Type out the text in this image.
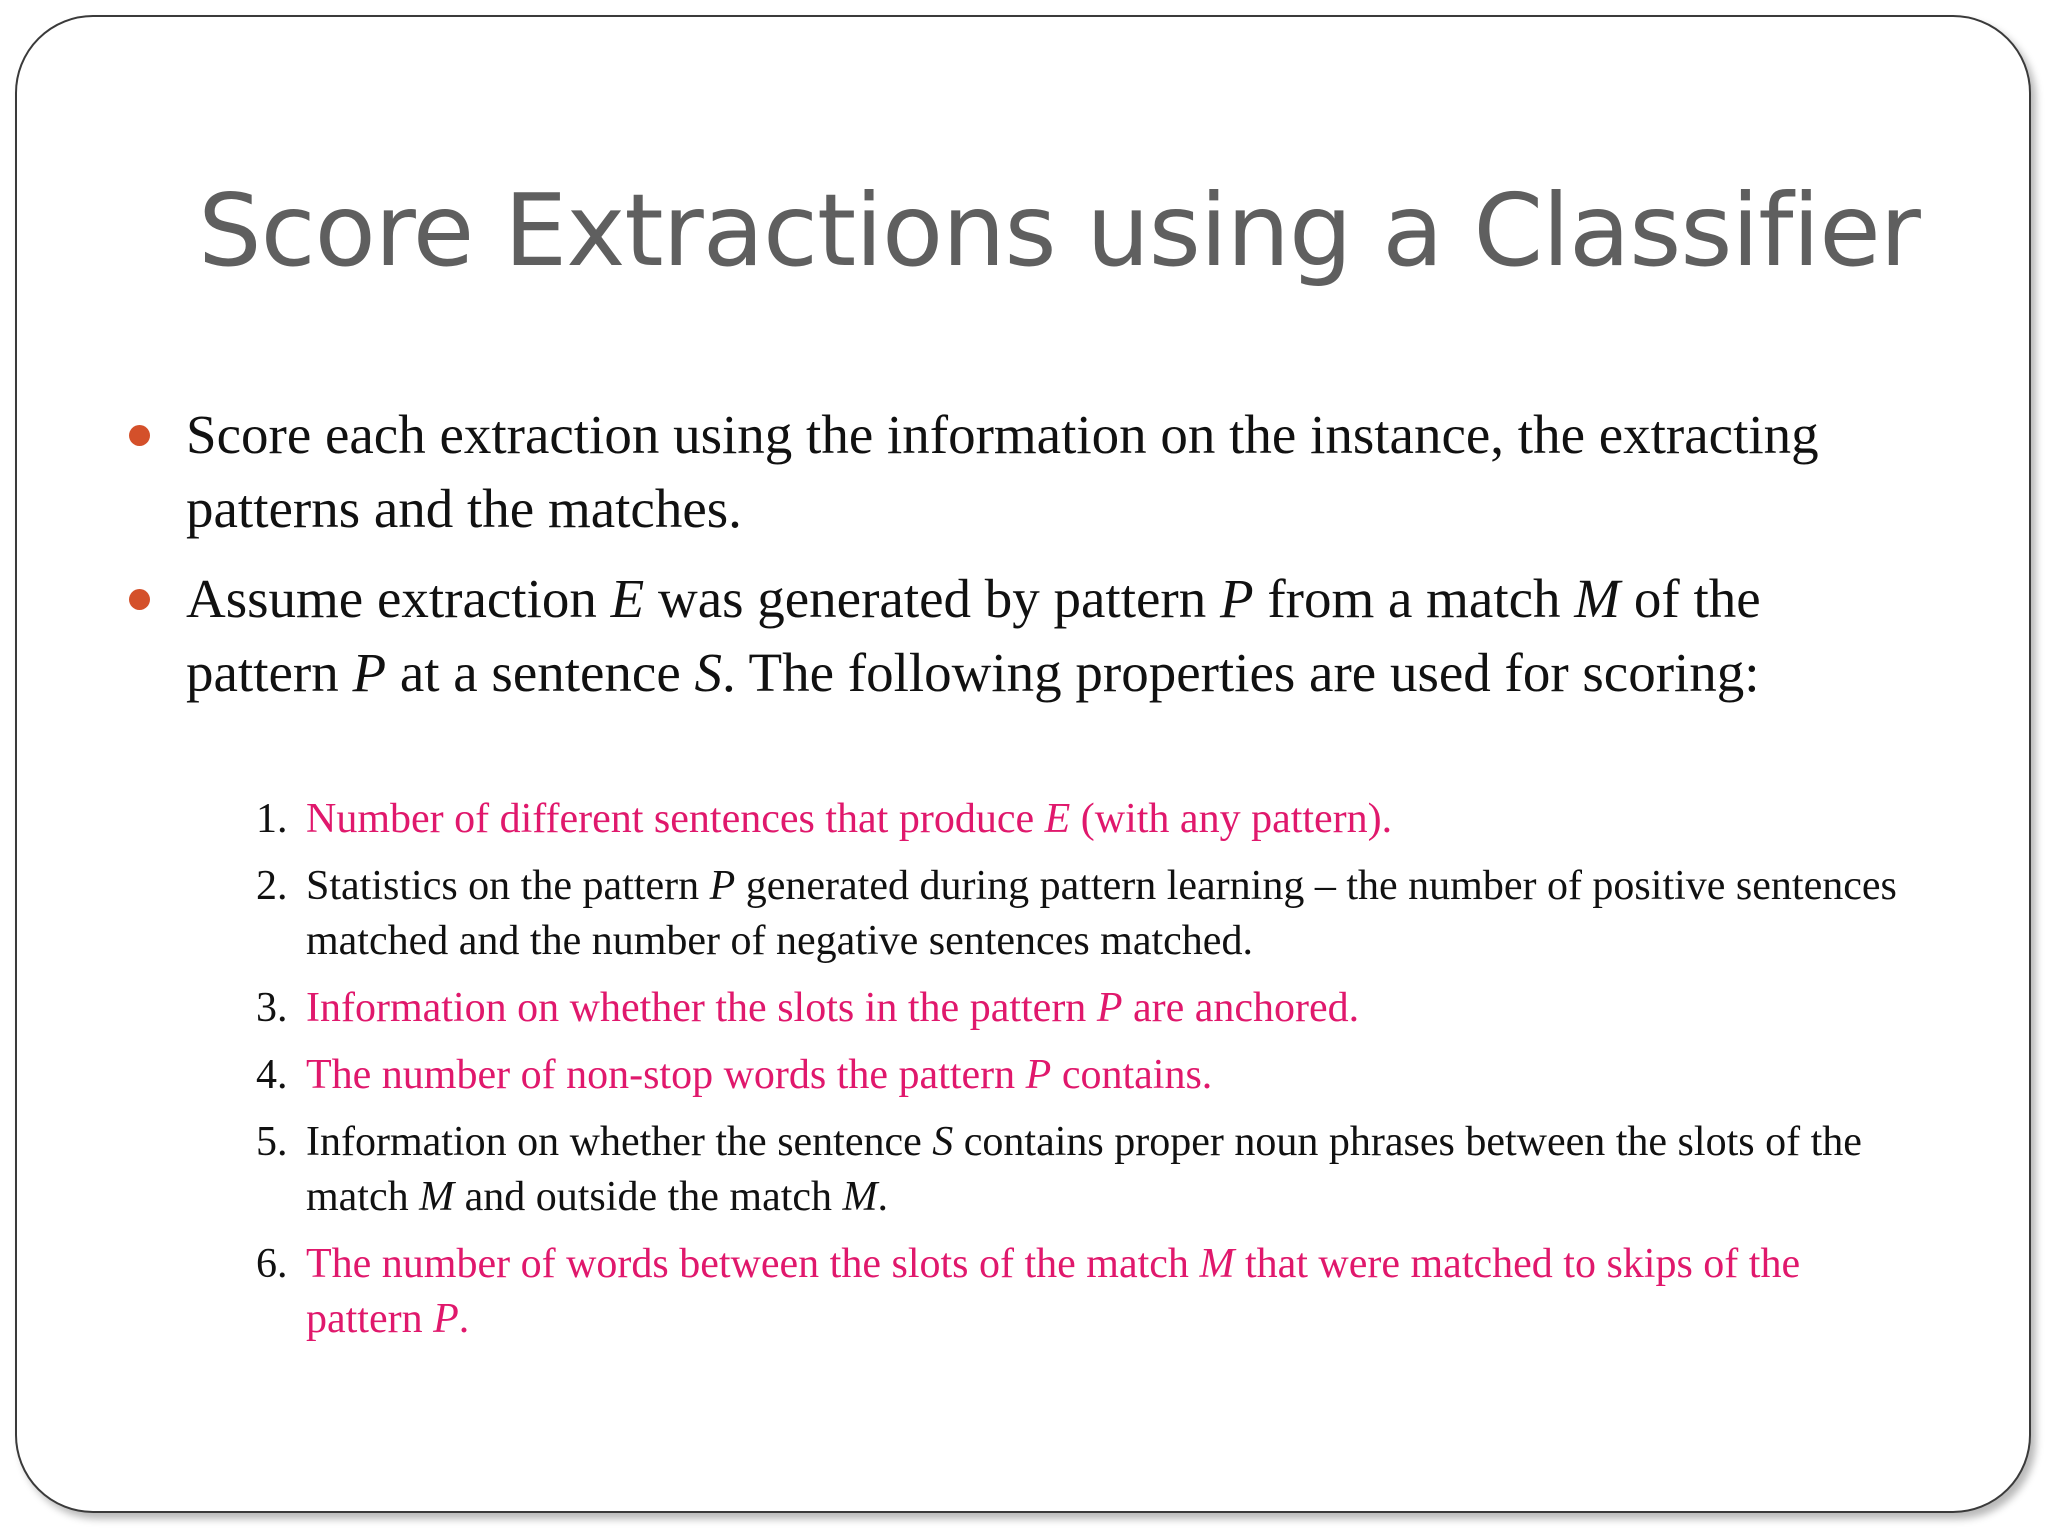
Score Extractions using a Classifier
Score each extraction using the information on the instance, the extracting patterns and the matches.
Assume extraction E was generated by pattern P from a match M of the pattern P at a sentence S. The following properties are used for scoring:
1. Number of different sentences that produce E (with any pattern).
2. Statistics on the pattern P generated during pattern learning – the number of positive sentences matched and the number of negative sentences matched.
3. Information on whether the slots in the pattern P are anchored.
4. The number of non-stop words the pattern P contains.
5. Information on whether the sentence S contains proper noun phrases between the slots of the match M and outside the match M.
6. The number of words between the slots of the match M that were matched to skips of the pattern P.
